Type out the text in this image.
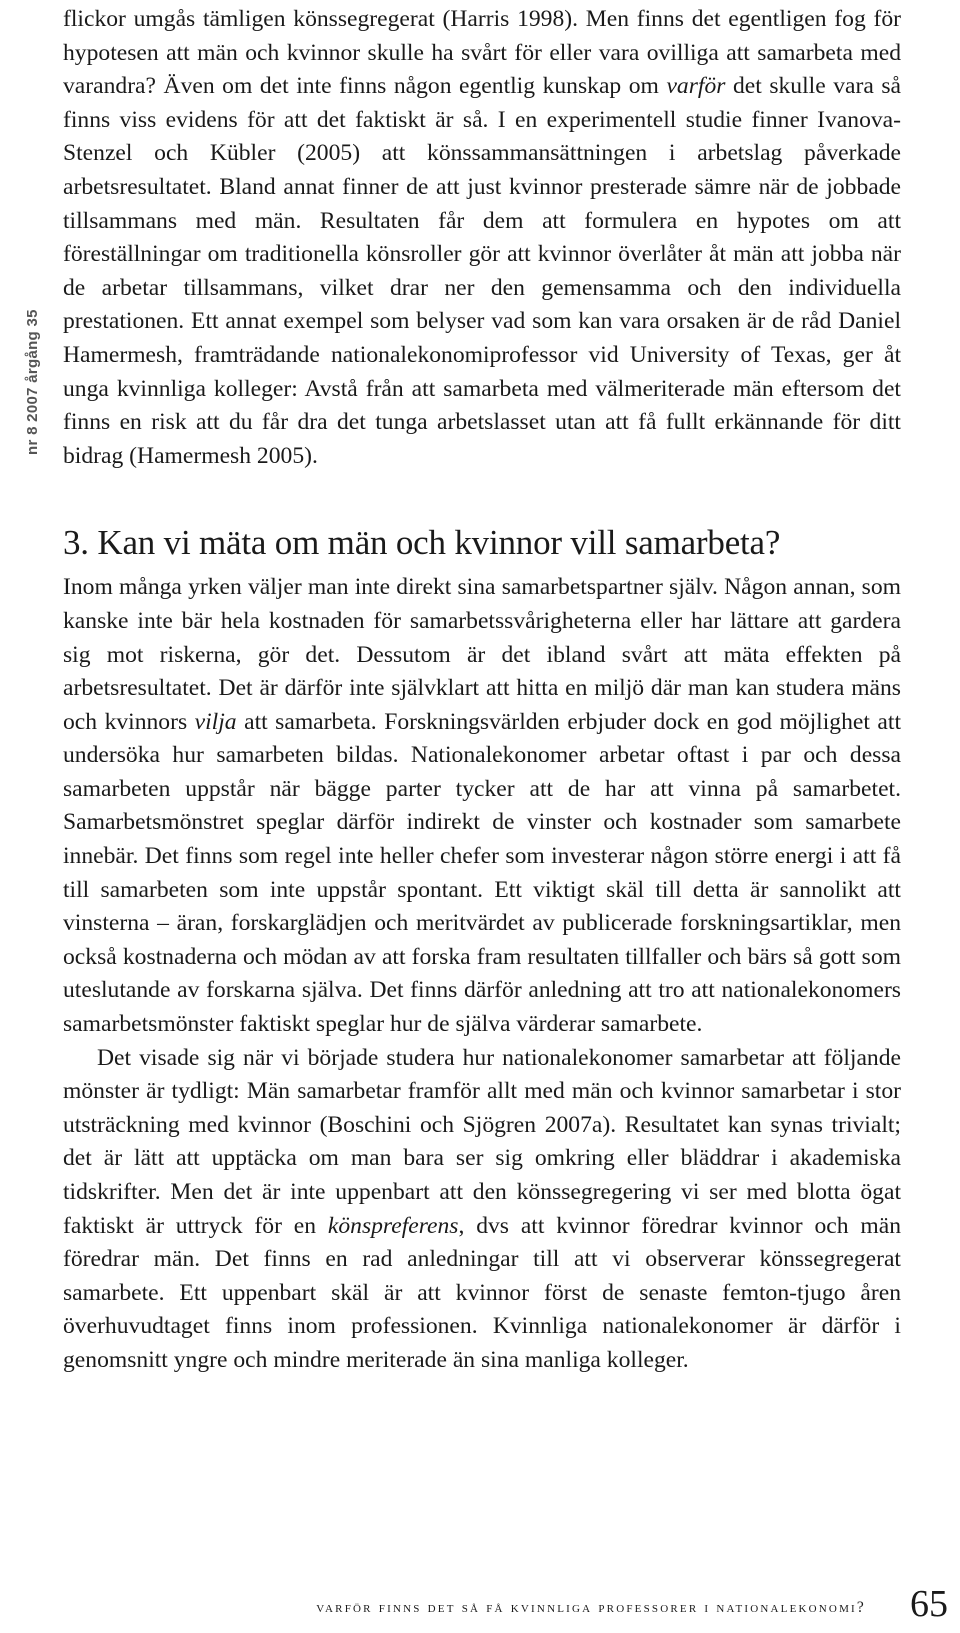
nr 8 2007 årgång 35

flickor umgås tämligen könssegregerat (Harris 1998). Men finns det egentligen fog för hypotesen att män och kvinnor skulle ha svårt för eller vara ovilliga att samarbeta med varandra? Även om det inte finns någon egentlig kunskap om varför det skulle vara så finns viss evidens för att det faktiskt är så. I en experimentell studie finner Ivanova-Stenzel och Kübler (2005) att könssammansättningen i arbetslag påverkade arbetsresultatet. Bland annat finner de att just kvinnor presterade sämre när de jobbade tillsammans med män. Resultaten får dem att formulera en hypotes om att föreställningar om traditionella könsroller gör att kvinnor överlåter åt män att jobba när de arbetar tillsammans, vilket drar ner den gemensamma och den individuella prestationen. Ett annat exempel som belyser vad som kan vara orsaken är de råd Daniel Hamermesh, framträdande nationalekonomiprofessor vid University of Texas, ger åt unga kvinnliga kolleger: Avstå från att samarbeta med välmeriterade män eftersom det finns en risk att du får dra det tunga arbetslasset utan att få fullt erkännande för ditt bidrag (Hamermesh 2005).

3. Kan vi mäta om män och kvinnor vill samarbeta?

Inom många yrken väljer man inte direkt sina samarbetspartner själv. Någon annan, som kanske inte bär hela kostnaden för samarbetssvårigheterna eller har lättare att gardera sig mot riskerna, gör det. Dessutom är det ibland svårt att mäta effekten på arbetsresultatet. Det är därför inte självklart att hitta en miljö där man kan studera mäns och kvinnors vilja att samarbeta. Forskningsvärlden erbjuder dock en god möjlighet att undersöka hur samarbeten bildas. Nationalekonomer arbetar oftast i par och dessa samarbeten uppstår när bägge parter tycker att de har att vinna på samarbetet. Samarbetsmönstret speglar därför indirekt de vinster och kostnader som samarbete innebär. Det finns som regel inte heller chefer som investerar någon större energi i att få till samarbeten som inte uppstår spontant. Ett viktigt skäl till detta är sannolikt att vinsterna – äran, forskarglädjen och meritvärdet av publicerade forskningsartiklar, men också kostnaderna och mödan av att forska fram resultaten tillfaller och bärs så gott som uteslutande av forskarna själva. Det finns därför anledning att tro att nationalekonomers samarbetsmönster faktiskt speglar hur de själva värderar samarbete.

Det visade sig när vi började studera hur nationalekonomer samarbetar att följande mönster är tydligt: Män samarbetar framför allt med män och kvinnor samarbetar i stor utsträckning med kvinnor (Boschini och Sjögren 2007a). Resultatet kan synas trivialt; det är lätt att upptäcka om man bara ser sig omkring eller bläddrar i akademiska tidskrifter. Men det är inte uppenbart att den könssegregering vi ser med blotta ögat faktiskt är uttryck för en könspreferens, dvs att kvinnor föredrar kvinnor och män föredrar män. Det finns en rad anledningar till att vi observerar könssegregerat samarbete. Ett uppenbart skäl är att kvinnor först de senaste femton-tjugo åren överhuvudtaget finns inom professionen. Kvinnliga nationalekonomer är därför i genomsnitt yngre och mindre meriterade än sina manliga kolleger.

varför finns det så få kvinnliga professorer i nationalekonomi? 65
